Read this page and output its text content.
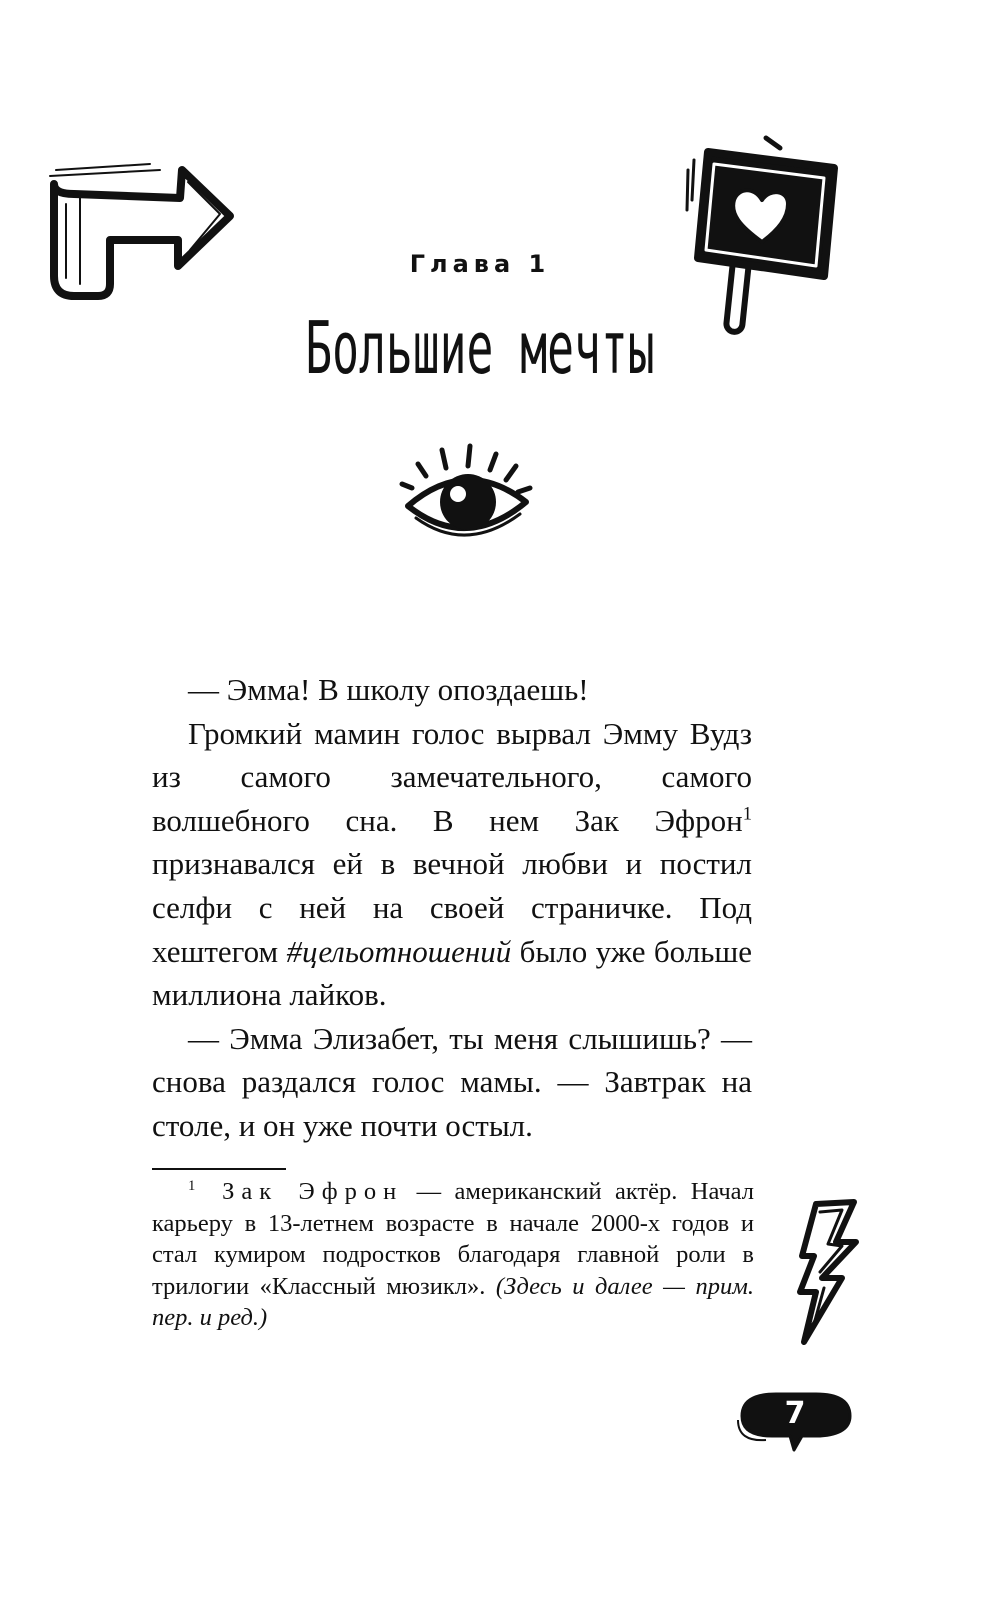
Глава 1
Большие мечты

— Эмма! В школу опоздаешь!

Громкий мамин голос вырвал Эмму Вудз из самого замечательного, самого волшебного сна. В нем Зак Эфрон$^1$ признавался ей в вечной любви и постил селфи с ней на своей страничке. Под хештегом #цельотношений было уже больше миллиона лайков.

— Эмма Элизабет, ты меня слышишь? — снова раздался голос мамы. — Завтрак на столе, и он уже почти остыл.

$^1$ Зак Эфрон — американский актёр. Начал карьеру в 13-летнем возрасте в начале 2000-х годов и стал кумиром подростков благодаря главной роли в трилогии «Классный мюзикл». (Здесь и далее — прим. пер. и ред.)
7
